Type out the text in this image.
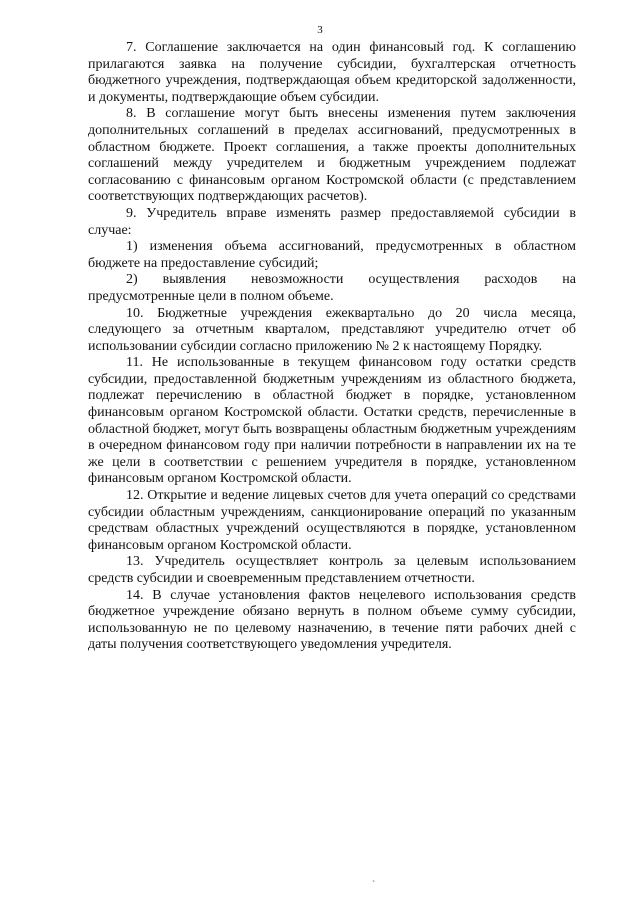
3

7. Соглашение заключается на один финансовый год. К соглашению прилагаются заявка на получение субсидии, бухгалтерская отчетность бюджетного учреждения, подтверждающая объем кредиторской задолженности, и документы, подтверждающие объем субсидии.

8. В соглашение могут быть внесены изменения путем заключения дополнительных соглашений в пределах ассигнований, предусмотренных в областном бюджете. Проект соглашения, а также проекты дополнительных соглашений между учредителем и бюджетным учреждением подлежат согласованию с финансовым органом Костромской области (с представлением соответствующих подтверждающих расчетов).

9. Учредитель вправе изменять размер предоставляемой субсидии в случае:

1) изменения объема ассигнований, предусмотренных в областном бюджете на предоставление субсидий;

2) выявления невозможности осуществления расходов на предусмотренные цели в полном объеме.

10. Бюджетные учреждения ежеквартально до 20 числа месяца, следующего за отчетным кварталом, представляют учредителю отчет об использовании субсидии согласно приложению № 2 к настоящему Порядку.

11. Не использованные в текущем финансовом году остатки средств субсидии, предоставленной бюджетным учреждениям из областного бюджета, подлежат перечислению в областной бюджет в порядке, установленном финансовым органом Костромской области. Остатки средств, перечисленные в областной бюджет, могут быть возвращены областным бюджетным учреждениям в очередном финансовом году при наличии потребности в направлении их на те же цели в соответствии с решением учредителя в порядке, установленном финансовым органом Костромской области.

12. Открытие и ведение лицевых счетов для учета операций со средствами субсидии областным учреждениям, санкционирование операций по указанным средствам областных учреждений осуществляются в порядке, установленном финансовым органом Костромской области.

13. Учредитель осуществляет контроль за целевым использованием средств субсидии и своевременным представлением отчетности.

14. В случае установления фактов нецелевого использования средств бюджетное учреждение обязано вернуть в полном объеме сумму субсидии, использованную не по целевому назначению, в течение пяти рабочих дней с даты получения соответствующего уведомления учредителя.

`
